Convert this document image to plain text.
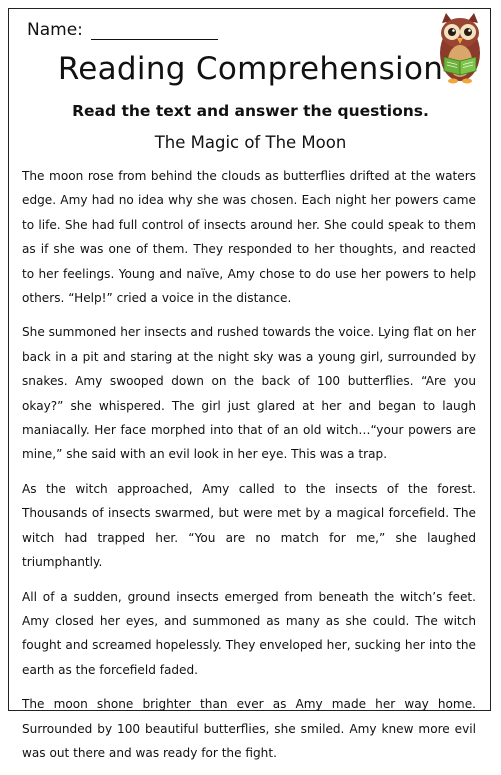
Name:
Reading Comprehension
Read the text and answer the questions.
The Magic of The Moon

The moon rose from behind the clouds as butterflies drifted at the waters edge. Amy had no idea why she was chosen. Each night her powers came to life. She had full control of insects around her. She could speak to them as if she was one of them. They responded to her thoughts, and reacted to her feelings. Young and naïve, Amy chose to do use her powers to help others. “Help!” cried a voice in the distance.

She summoned her insects and rushed towards the voice. Lying flat on her back in a pit and staring at the night sky was a young girl, surrounded by snakes. Amy swooped down on the back of 100 butterflies. “Are you okay?” she whispered. The girl just glared at her and began to laugh maniacally. Her face morphed into that of an old witch…“your powers are mine,” she said with an evil look in her eye. This was a trap.

As the witch approached, Amy called to the insects of the forest. Thousands of insects swarmed, but were met by a magical forcefield. The witch had trapped her. “You are no match for me,” she laughed triumphantly.

All of a sudden, ground insects emerged from beneath the witch’s feet. Amy closed her eyes, and summoned as many as she could. The witch fought and screamed hopelessly. They enveloped her, sucking her into the earth as the forcefield faded.

The moon shone brighter than ever as Amy made her way home. Surrounded by 100 beautiful butterflies, she smiled. Amy knew more evil was out there and was ready for the fight.
